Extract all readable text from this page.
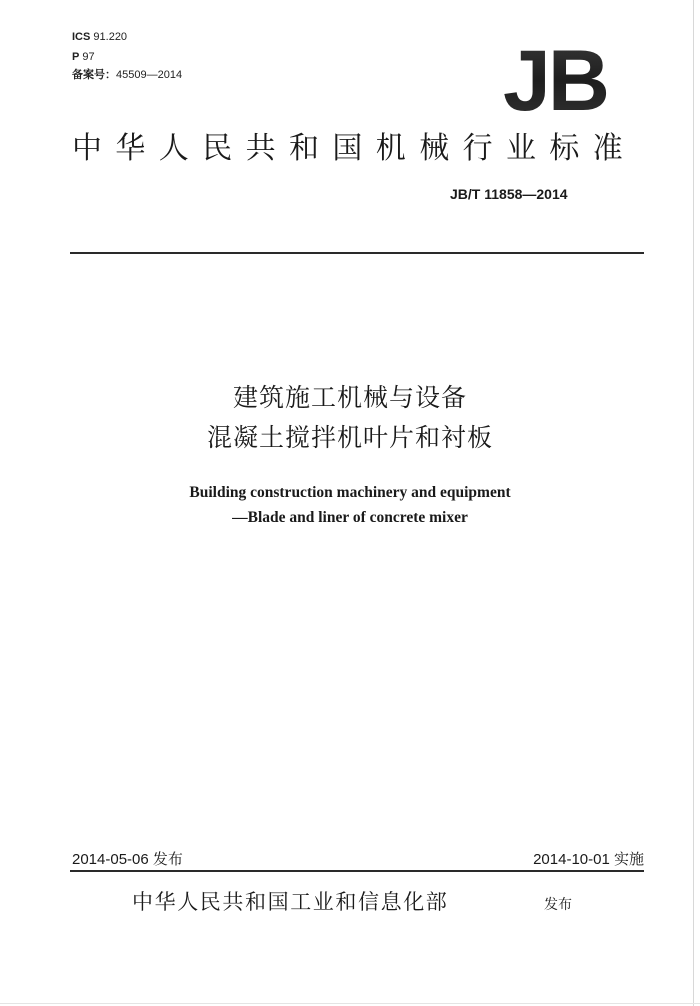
ICS 91.220
P 97
备案号：45509—2014	JB
中华人民共和国机械行业标准
JB/T 11858—2014
建筑施工机械与设备
混凝土搅拌机叶片和衬板
Building construction machinery and equipment
—Blade and liner of concrete mixer
2014-05-06 发布	2014-10-01 实施
中华人民共和国工业和信息化部	发布
